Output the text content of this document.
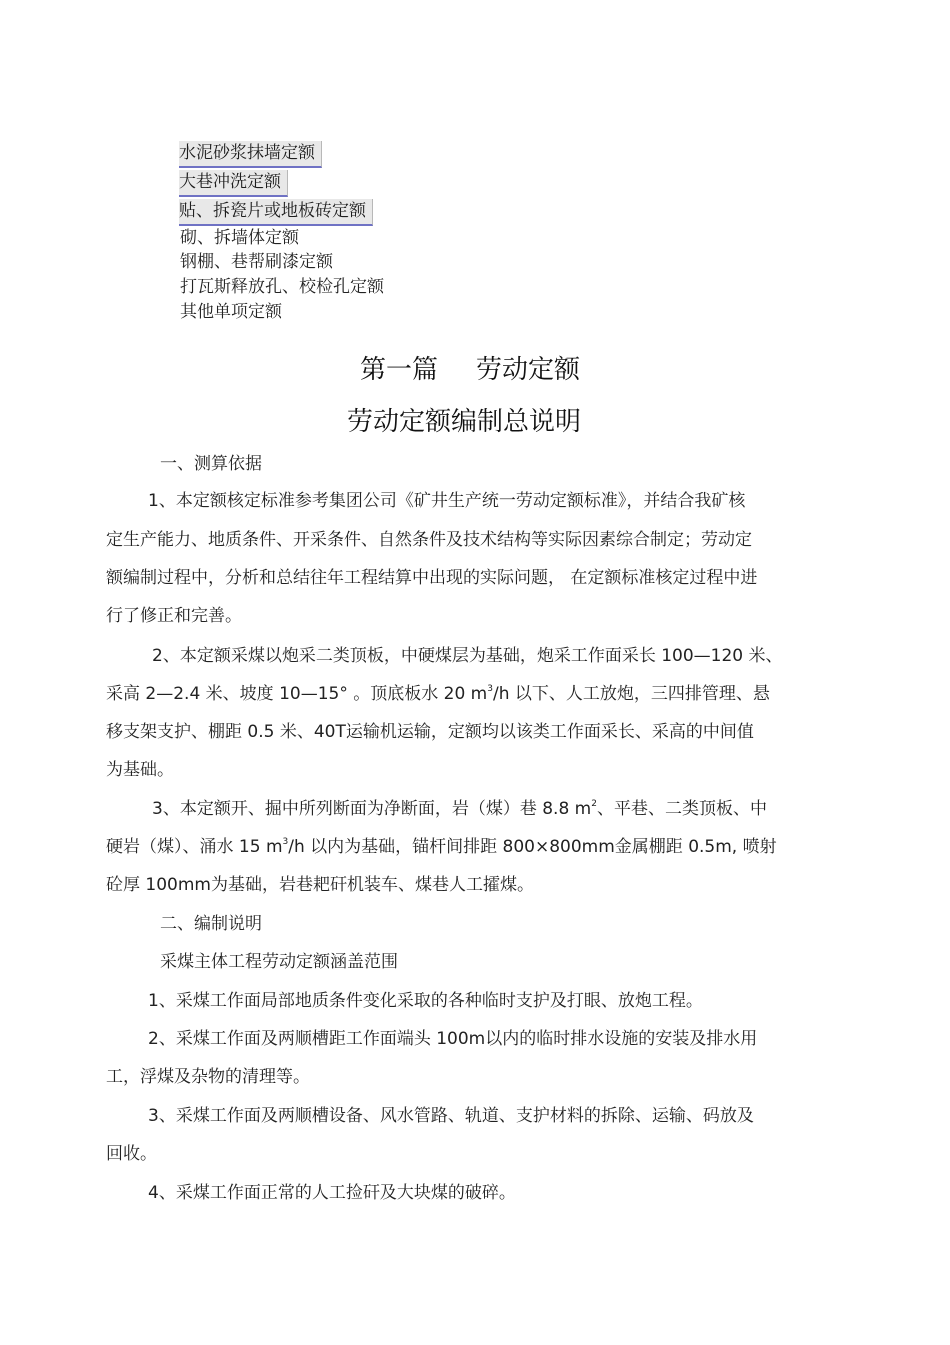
水泥砂浆抹墙定额
大巷冲洗定额
贴、拆瓷片或地板砖定额
砌、拆墙体定额
钢棚、巷帮刷漆定额
打瓦斯释放孔、校检孔定额
其他单项定额
第一篇 劳动定额
劳动定额编制总说明
一、测算依据
1、本定额核定标准参考集团公司《矿井生产统一劳动定额标准》，并结合我矿核
定生产能力、地质条件、开采条件、自然条件及技术结构等实际因素综合制定；劳动定
额编制过程中，分析和总结往年工程结算中出现的实际问题， 在定额标准核定过程中进
行了修正和完善。
2、本定额采煤以炮采二类顶板，中硬煤层为基础，炮采工作面采长 100—120 米、
采高 2—2.4 米、坡度 10—15° 。顶底板水 20 $m^3/h$ 以下、人工放炮，三四排管理、悬
移支架支护、棚距 0.5 米、40T运输机运输，定额均以该类工作面采长、采高的中间值
为基础。
3、本定额开、掘中所列断面为净断面，岩（煤）巷 8.8 $m^2$、平巷、二类顶板、中
硬岩（煤）、涌水 15 $m^3/h$ 以内为基础，锚杆间排距 800×800mm金属棚距 0.5m, 喷射
砼厚 100mm为基础，岩巷耙矸机装车、煤巷人工攉煤。
二、编制说明
采煤主体工程劳动定额涵盖范围
1、采煤工作面局部地质条件变化采取的各种临时支护及打眼、放炮工程。
2、采煤工作面及两顺槽距工作面端头 100m以内的临时排水设施的安装及排水用
工，浮煤及杂物的清理等。
3、采煤工作面及两顺槽设备、风水管路、轨道、支护材料的拆除、运输、码放及
回收。
4、采煤工作面正常的人工捡矸及大块煤的破碎。
